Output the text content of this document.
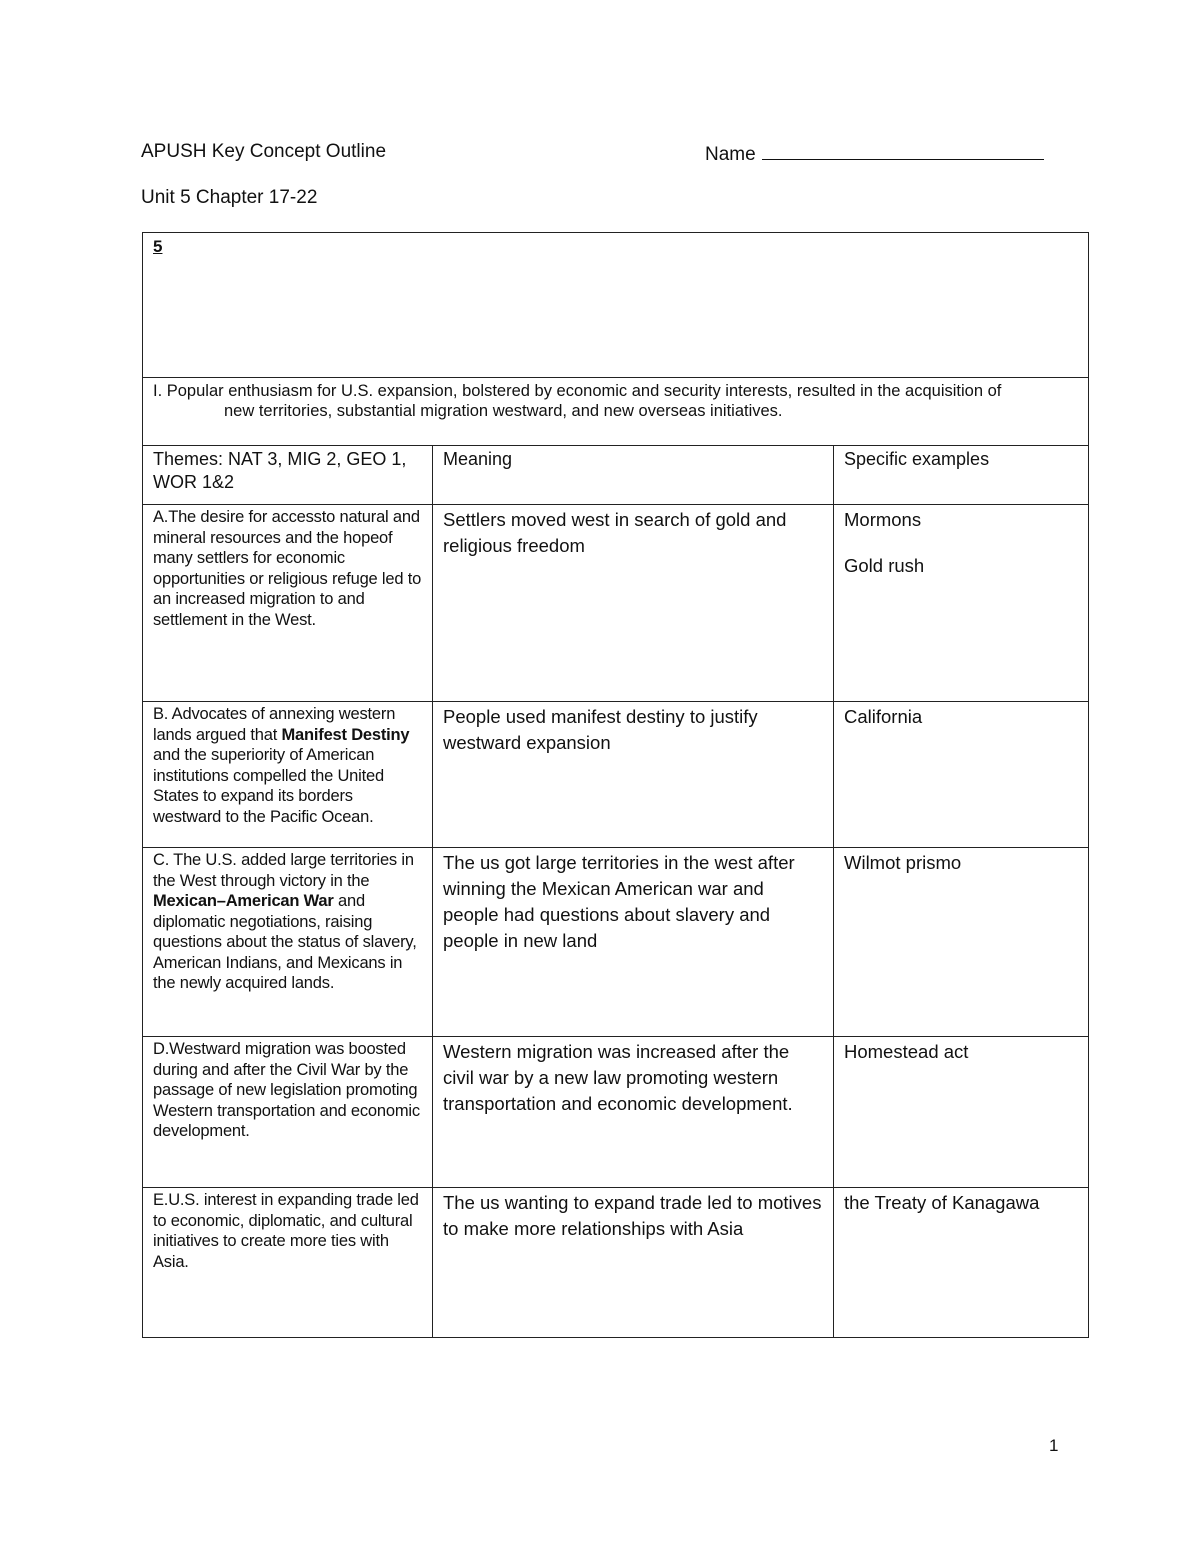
APUSH Key Concept Outline	Name
Unit 5 Chapter 17-22
5		
I. Popular enthusiasm for U.S. expansion, bolstered by economic and security interests, resulted in the acquisition of
new territories, substantial migration westward, and new overseas initiatives.		

Themes: NAT 3, MIG 2, GEO 1, WOR 1&2	Meaning	Specific examples
A.The desire for accessto natural and mineral resources and the hopeof many settlers for economic opportunities or religious refuge led to an increased migration to and settlement in the West.	Settlers moved west in search of gold and religious freedom	Mormons

Gold rush

B. Advocates of annexing western lands argued that Manifest Destiny and the superiority of American institutions compelled the United States to expand its borders westward to the Pacific Ocean.	People used manifest destiny to justify westward expansion	California

C. The U.S. added large territories in the West through victory in the Mexican–American War and diplomatic negotiations, raising questions about the status of slavery, American Indians, and Mexicans in the newly acquired lands.	The us got large territories in the west after winning the Mexican American war and people had questions about slavery and people in new land	Wilmot prismo

D.Westward migration was boosted during and after the Civil War by the passage of new legislation promoting Western transportation and economic development.	Western migration was increased after the civil war by a new law promoting western transportation and economic development.	Homestead act

E.U.S. interest in expanding trade led to economic, diplomatic, and cultural initiatives to create more ties with Asia.	The us wanting to expand trade led to motives to make more relationships with Asia	the Treaty of Kanagawa

1
